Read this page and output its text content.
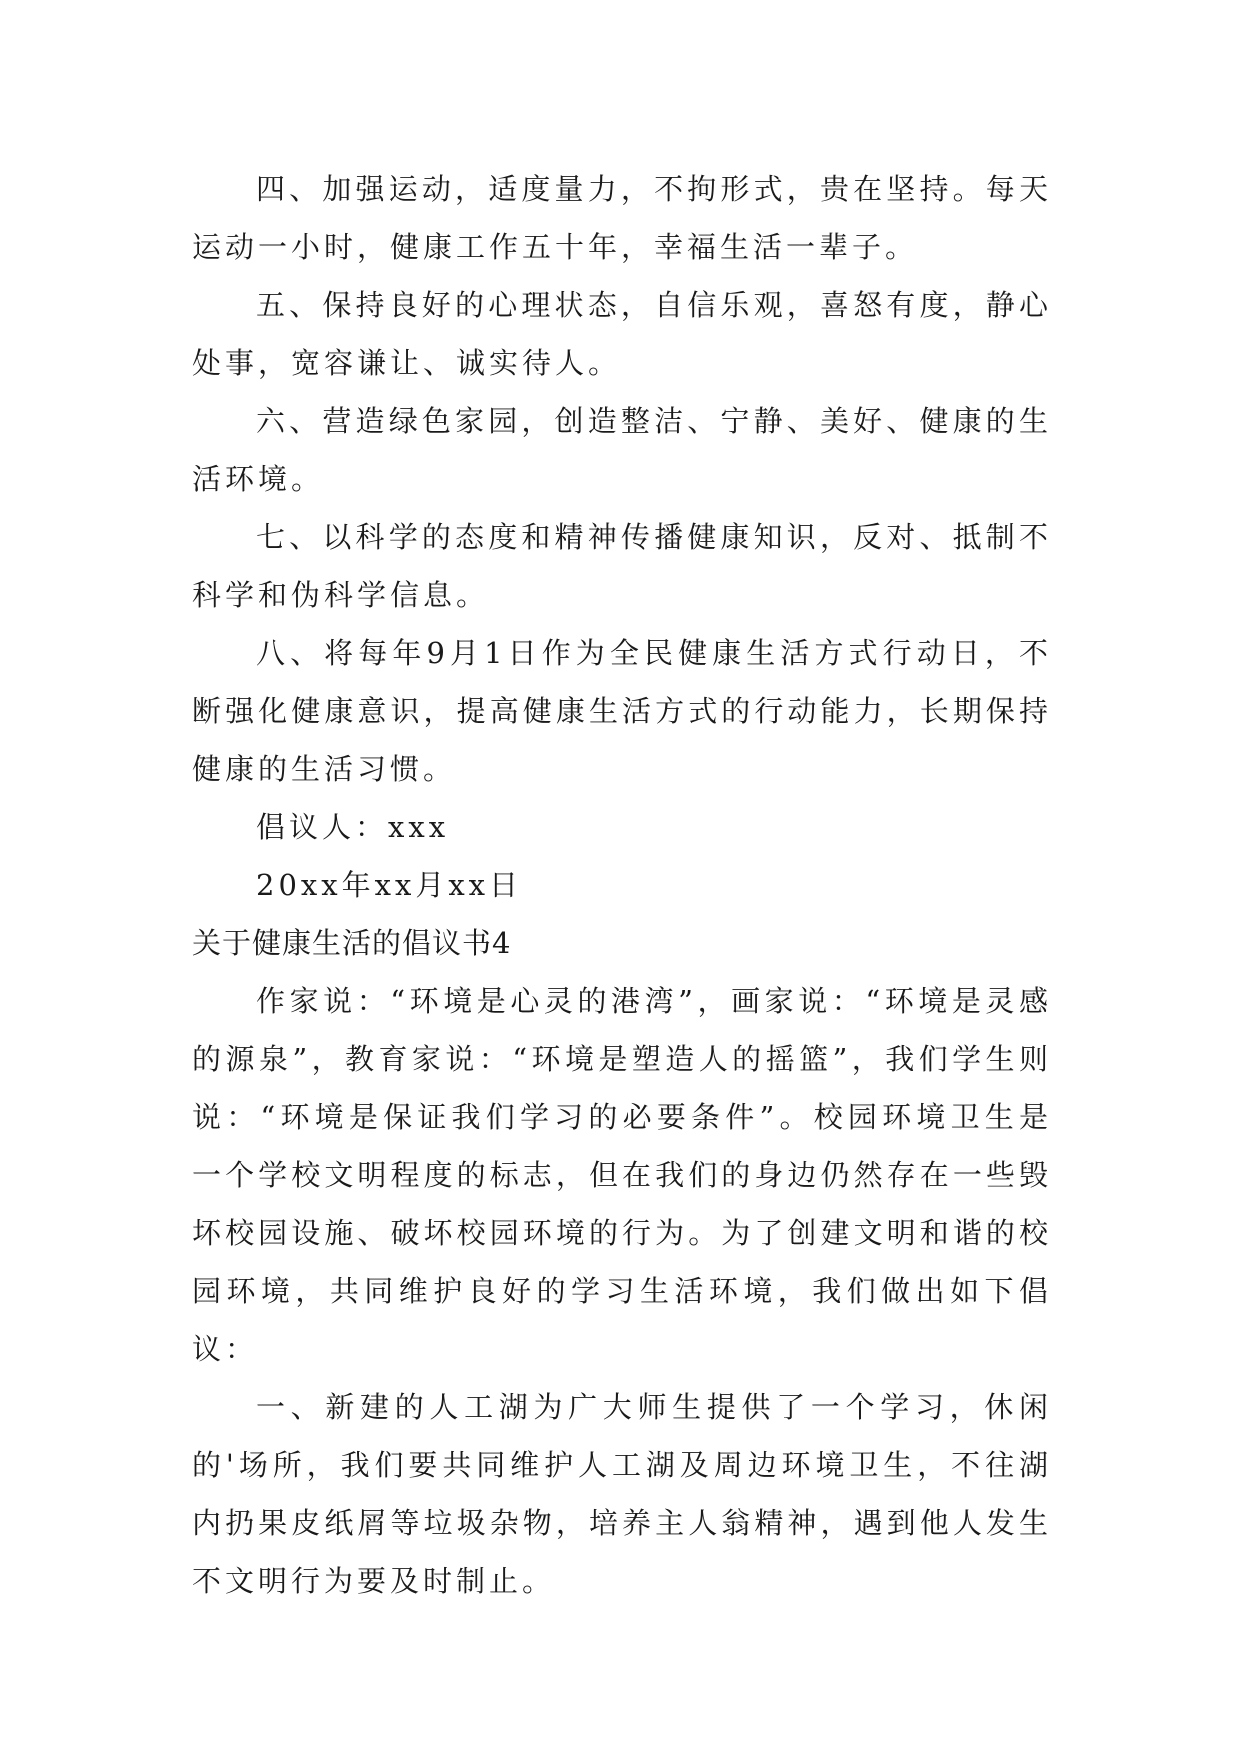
四、加强运动，适度量力，不拘形式，贵在坚持。每天运动一小时，健康工作五十年，幸福生活一辈子。

五、保持良好的心理状态，自信乐观，喜怒有度，静心处事，宽容谦让、诚实待人。

六、营造绿色家园，创造整洁、宁静、美好、健康的生活环境。

七、以科学的态度和精神传播健康知识，反对、抵制不科学和伪科学信息。

八、将每年9月1日作为全民健康生活方式行动日，不断强化健康意识，提高健康生活方式的行动能力，长期保持健康的生活习惯。

倡议人：xxx

20xx年xx月xx日

关于健康生活的倡议书4

作家说：“环境是心灵的港湾”，画家说：“环境是灵感的源泉”，教育家说：“环境是塑造人的摇篮”，我们学生则说：“环境是保证我们学习的必要条件”。校园环境卫生是一个学校文明程度的标志，但在我们的身边仍然存在一些毁坏校园设施、破坏校园环境的行为。为了创建文明和谐的校园环境，共同维护良好的学习生活环境，我们做出如下倡议：

一、新建的人工湖为广大师生提供了一个学习，休闲的'场所，我们要共同维护人工湖及周边环境卫生，不往湖内扔果皮纸屑等垃圾杂物，培养主人翁精神，遇到他人发生不文明行为要及时制止。
